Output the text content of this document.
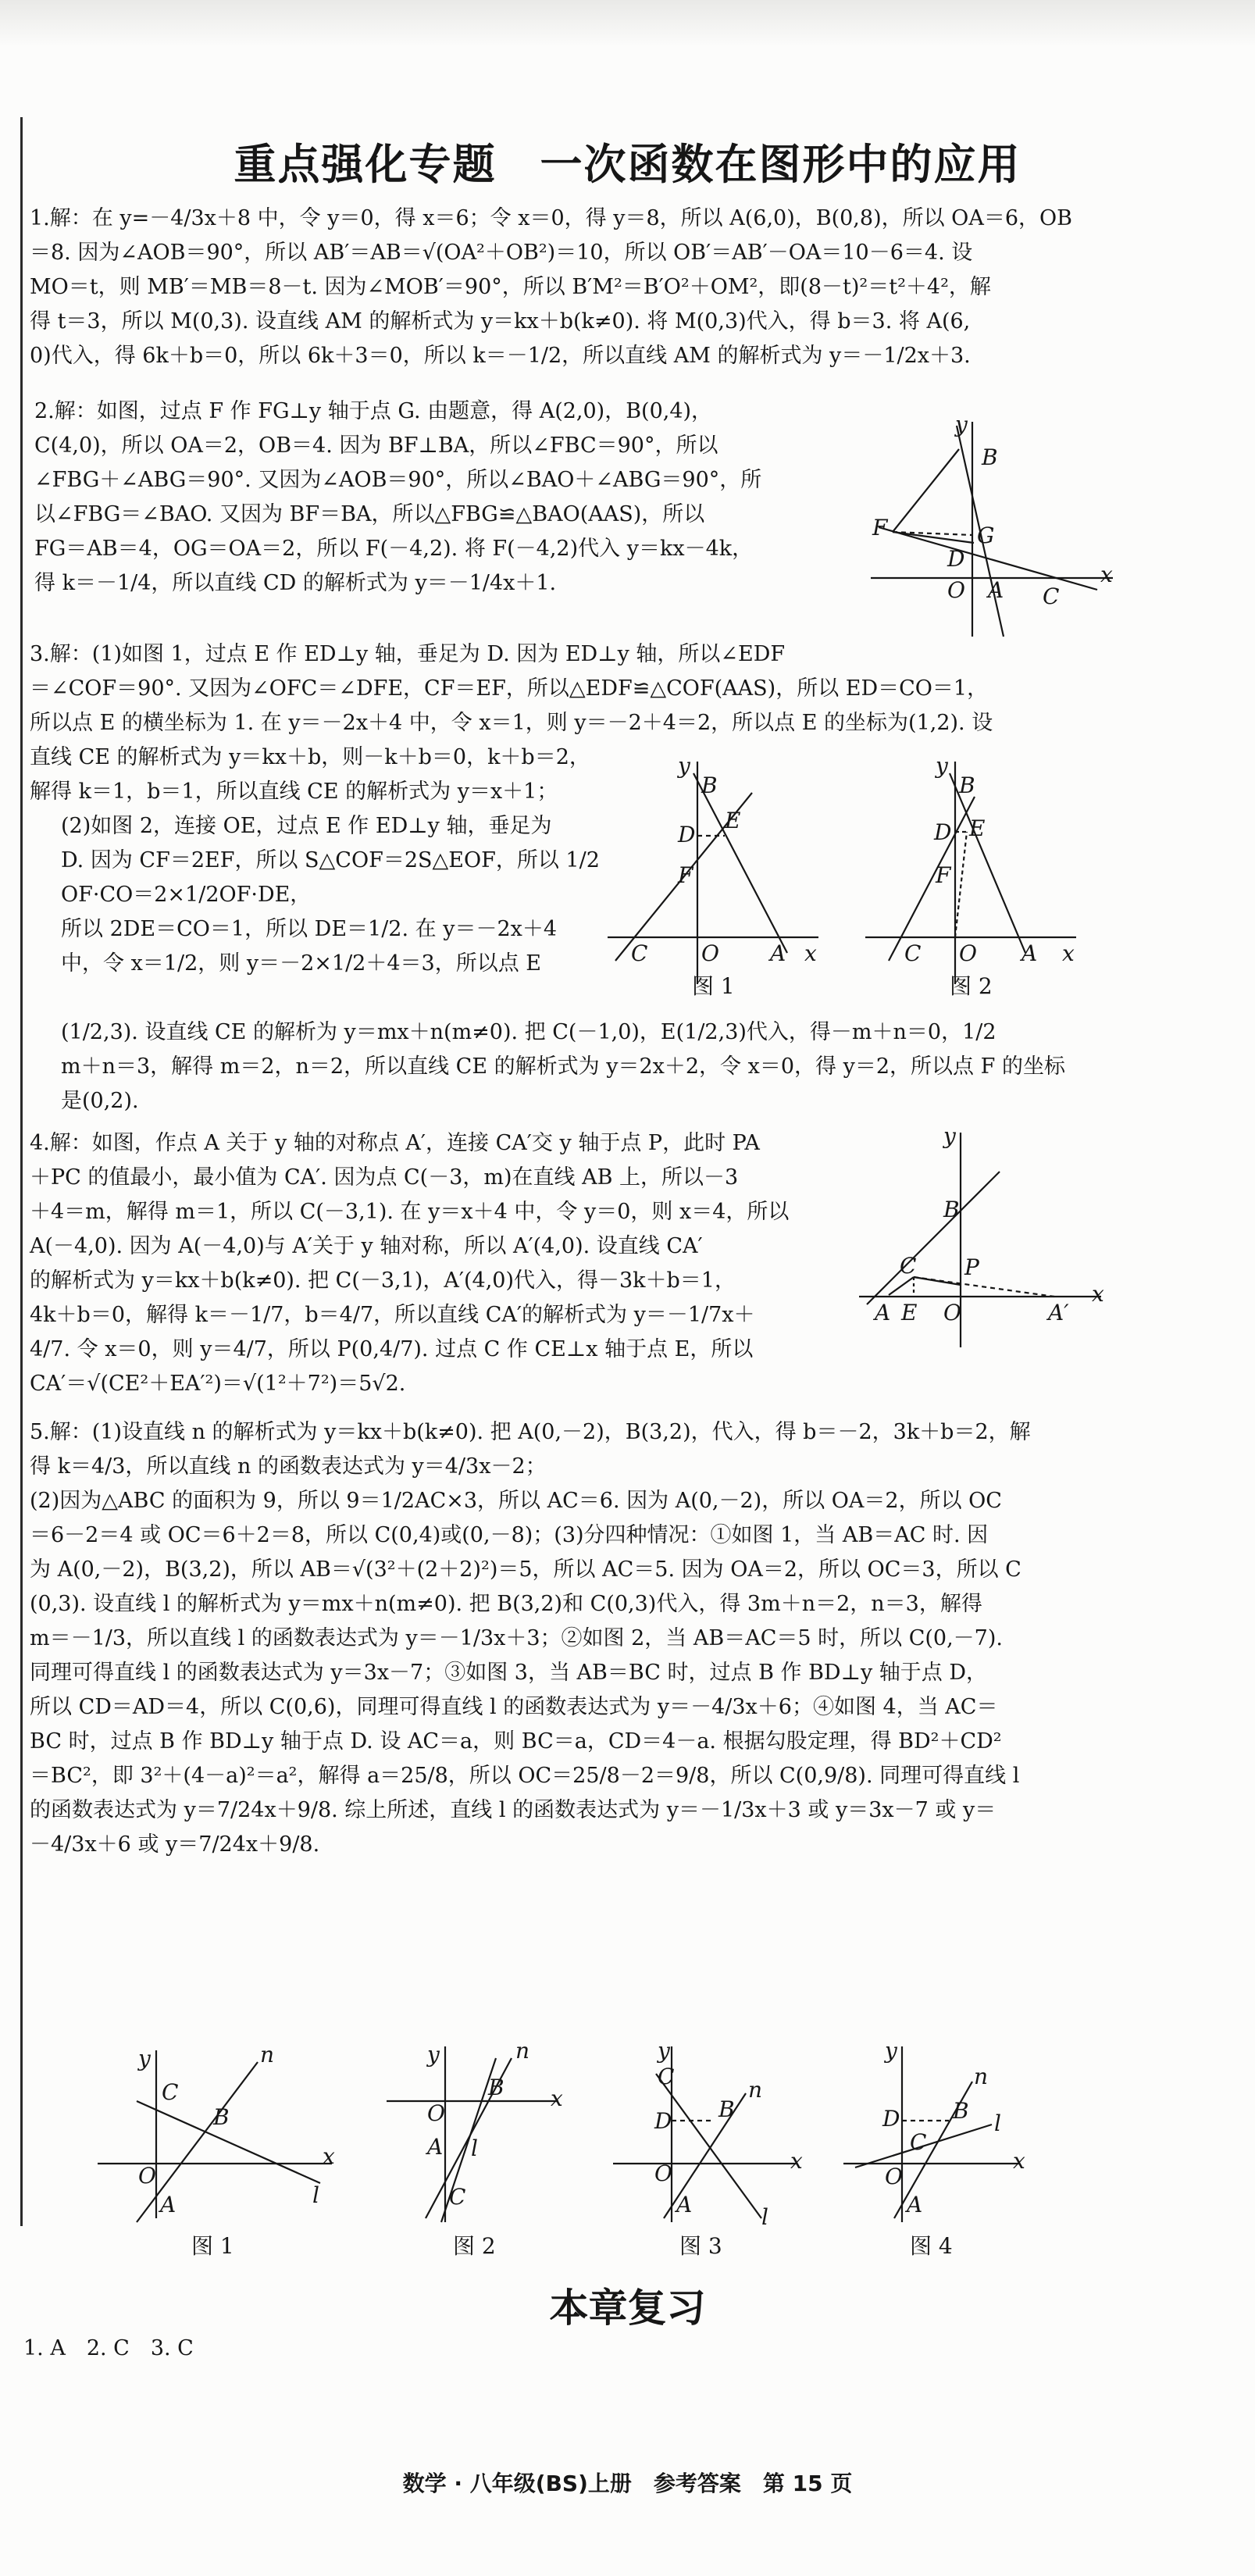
重点强化专题　一次函数在图形中的应用
1.解：在 y=－4/3x＋8 中，令 y＝0，得 x＝6；令 x＝0，得 y＝8，所以 A(6,0)，B(0,8)，所以 OA＝6，OB
＝8. 因为∠AOB＝90°，所以 AB′＝AB＝√(OA²＋OB²)＝10，所以 OB′＝AB′－OA＝10－6＝4. 设
MO＝t，则 MB′＝MB＝8－t. 因为∠MOB′＝90°，所以 B′M²＝B′O²＋OM²，即(8－t)²＝t²＋4²，解
得 t＝3，所以 M(0,3). 设直线 AM 的解析式为 y＝kx＋b(k≠0). 将 M(0,3)代入，得 b＝3. 将 A(6,
0)代入，得 6k＋b＝0，所以 6k＋3＝0，所以 k＝－1/2，所以直线 AM 的解析式为 y＝－1/2x＋3.
2.解：如图，过点 F 作 FG⊥y 轴于点 G. 由题意，得 A(2,0)，B(0,4)，
C(4,0)，所以 OA＝2，OB＝4. 因为 BF⊥BA，所以∠FBC＝90°，所以
∠FBG＋∠ABG＝90°. 又因为∠AOB＝90°，所以∠BAO＋∠ABG＝90°，所
以∠FBG＝∠BAO. 又因为 BF＝BA，所以△FBG≌△BAO(AAS)，所以
FG＝AB＝4，OG＝OA＝2，所以 F(－4,2). 将 F(－4,2)代入 y＝kx－4k，
得 k＝－1/4，所以直线 CD 的解析式为 y＝－1/4x＋1.
3.解：(1)如图 1，过点 E 作 ED⊥y 轴，垂足为 D. 因为 ED⊥y 轴，所以∠EDF
＝∠COF＝90°. 又因为∠OFC＝∠DFE，CF＝EF，所以△EDF≌△COF(AAS)，所以 ED＝CO＝1，
所以点 E 的横坐标为 1. 在 y＝－2x＋4 中，令 x＝1，则 y＝－2＋4＝2，所以点 E 的坐标为(1,2). 设
直线 CE 的解析式为 y＝kx＋b，则－k＋b＝0，k＋b＝2，
解得 k＝1，b＝1，所以直线 CE 的解析式为 y＝x＋1；
(2)如图 2，连接 OE，过点 E 作 ED⊥y 轴，垂足为
D. 因为 CF＝2EF，所以 S△COF＝2S△EOF，所以 1/2
OF·CO＝2×1/2OF·DE，
所以 2DE＝CO＝1，所以 DE＝1/2. 在 y＝－2x＋4
中，令 x＝1/2，则 y＝－2×1/2＋4＝3，所以点 E
(1/2,3). 设直线 CE 的解析为 y＝mx＋n(m≠0). 把 C(－1,0)，E(1/2,3)代入，得－m＋n＝0，1/2
m＋n＝3，解得 m＝2，n＝2，所以直线 CE 的解析式为 y＝2x＋2，令 x＝0，得 y＝2，所以点 F 的坐标
是(0,2).
4.解：如图，作点 A 关于 y 轴的对称点 A′，连接 CA′交 y 轴于点 P，此时 PA
＋PC 的值最小，最小值为 CA′. 因为点 C(－3，m)在直线 AB 上，所以－3
＋4＝m，解得 m＝1，所以 C(－3,1). 在 y＝x＋4 中，令 y＝0，则 x＝4，所以
A(－4,0). 因为 A(－4,0)与 A′关于 y 轴对称，所以 A′(4,0). 设直线 CA′
的解析式为 y＝kx＋b(k≠0). 把 C(－3,1)，A′(4,0)代入，得－3k＋b＝1，
4k＋b＝0，解得 k＝－1/7，b＝4/7，所以直线 CA′的解析式为 y＝－1/7x＋
4/7. 令 x＝0，则 y＝4/7，所以 P(0,4/7). 过点 C 作 CE⊥x 轴于点 E，所以
CA′＝√(CE²＋EA′²)＝√(1²＋7²)＝5√2.
5.解：(1)设直线 n 的解析式为 y＝kx＋b(k≠0). 把 A(0,－2)，B(3,2)，代入，得 b＝－2，3k＋b＝2，解
得 k＝4/3，所以直线 n 的函数表达式为 y＝4/3x－2；
(2)因为△ABC 的面积为 9，所以 9＝1/2AC×3，所以 AC＝6. 因为 A(0,－2)，所以 OA＝2，所以 OC
＝6－2＝4 或 OC＝6＋2＝8，所以 C(0,4)或(0,－8)；(3)分四种情况：①如图 1，当 AB＝AC 时. 因
为 A(0,－2)，B(3,2)，所以 AB＝√(3²＋(2＋2)²)＝5，所以 AC＝5. 因为 OA＝2，所以 OC＝3，所以 C
(0,3). 设直线 l 的解析式为 y＝mx＋n(m≠0). 把 B(3,2)和 C(0,3)代入，得 3m＋n＝2，n＝3，解得
m＝－1/3，所以直线 l 的函数表达式为 y＝－1/3x＋3；②如图 2，当 AB＝AC＝5 时，所以 C(0,－7).
同理可得直线 l 的函数表达式为 y＝3x－7；③如图 3，当 AB＝BC 时，过点 B 作 BD⊥y 轴于点 D，
所以 CD＝AD＝4，所以 C(0,6)，同理可得直线 l 的函数表达式为 y＝－4/3x＋6；④如图 4，当 AC＝
BC 时，过点 B 作 BD⊥y 轴于点 D. 设 AC＝a，则 BC＝a，CD＝4－a. 根据勾股定理，得 BD²＋CD²
＝BC²，即 3²＋(4－a)²＝a²，解得 a＝25/8，所以 OC＝25/8－2＝9/8，所以 C(0,9/8). 同理可得直线 l
的函数表达式为 y＝7/24x＋9/8. 综上所述，直线 l 的函数表达式为 y＝－1/3x＋3 或 y＝3x－7 或 y＝
－4/3x＋6 或 y＝7/24x＋9/8.
y
B
F	G
D
O A C
x
y
B
D
E
F
C O A x
图 1
y
B
D E
F
C O A x
图 2
y
B
C P
A E O	A′
x
y	n
C
B
O
x
A	l
图 1
y	n
O
B x
A l
C
图 2
y
C
n
D B
O	x
A	l
图 3
y
n
D B l
C
O
x
A
图 4
本章复习
1. A　2. C　3. C
数学 · 八年级(BS)上册　参考答案　第 15 页
